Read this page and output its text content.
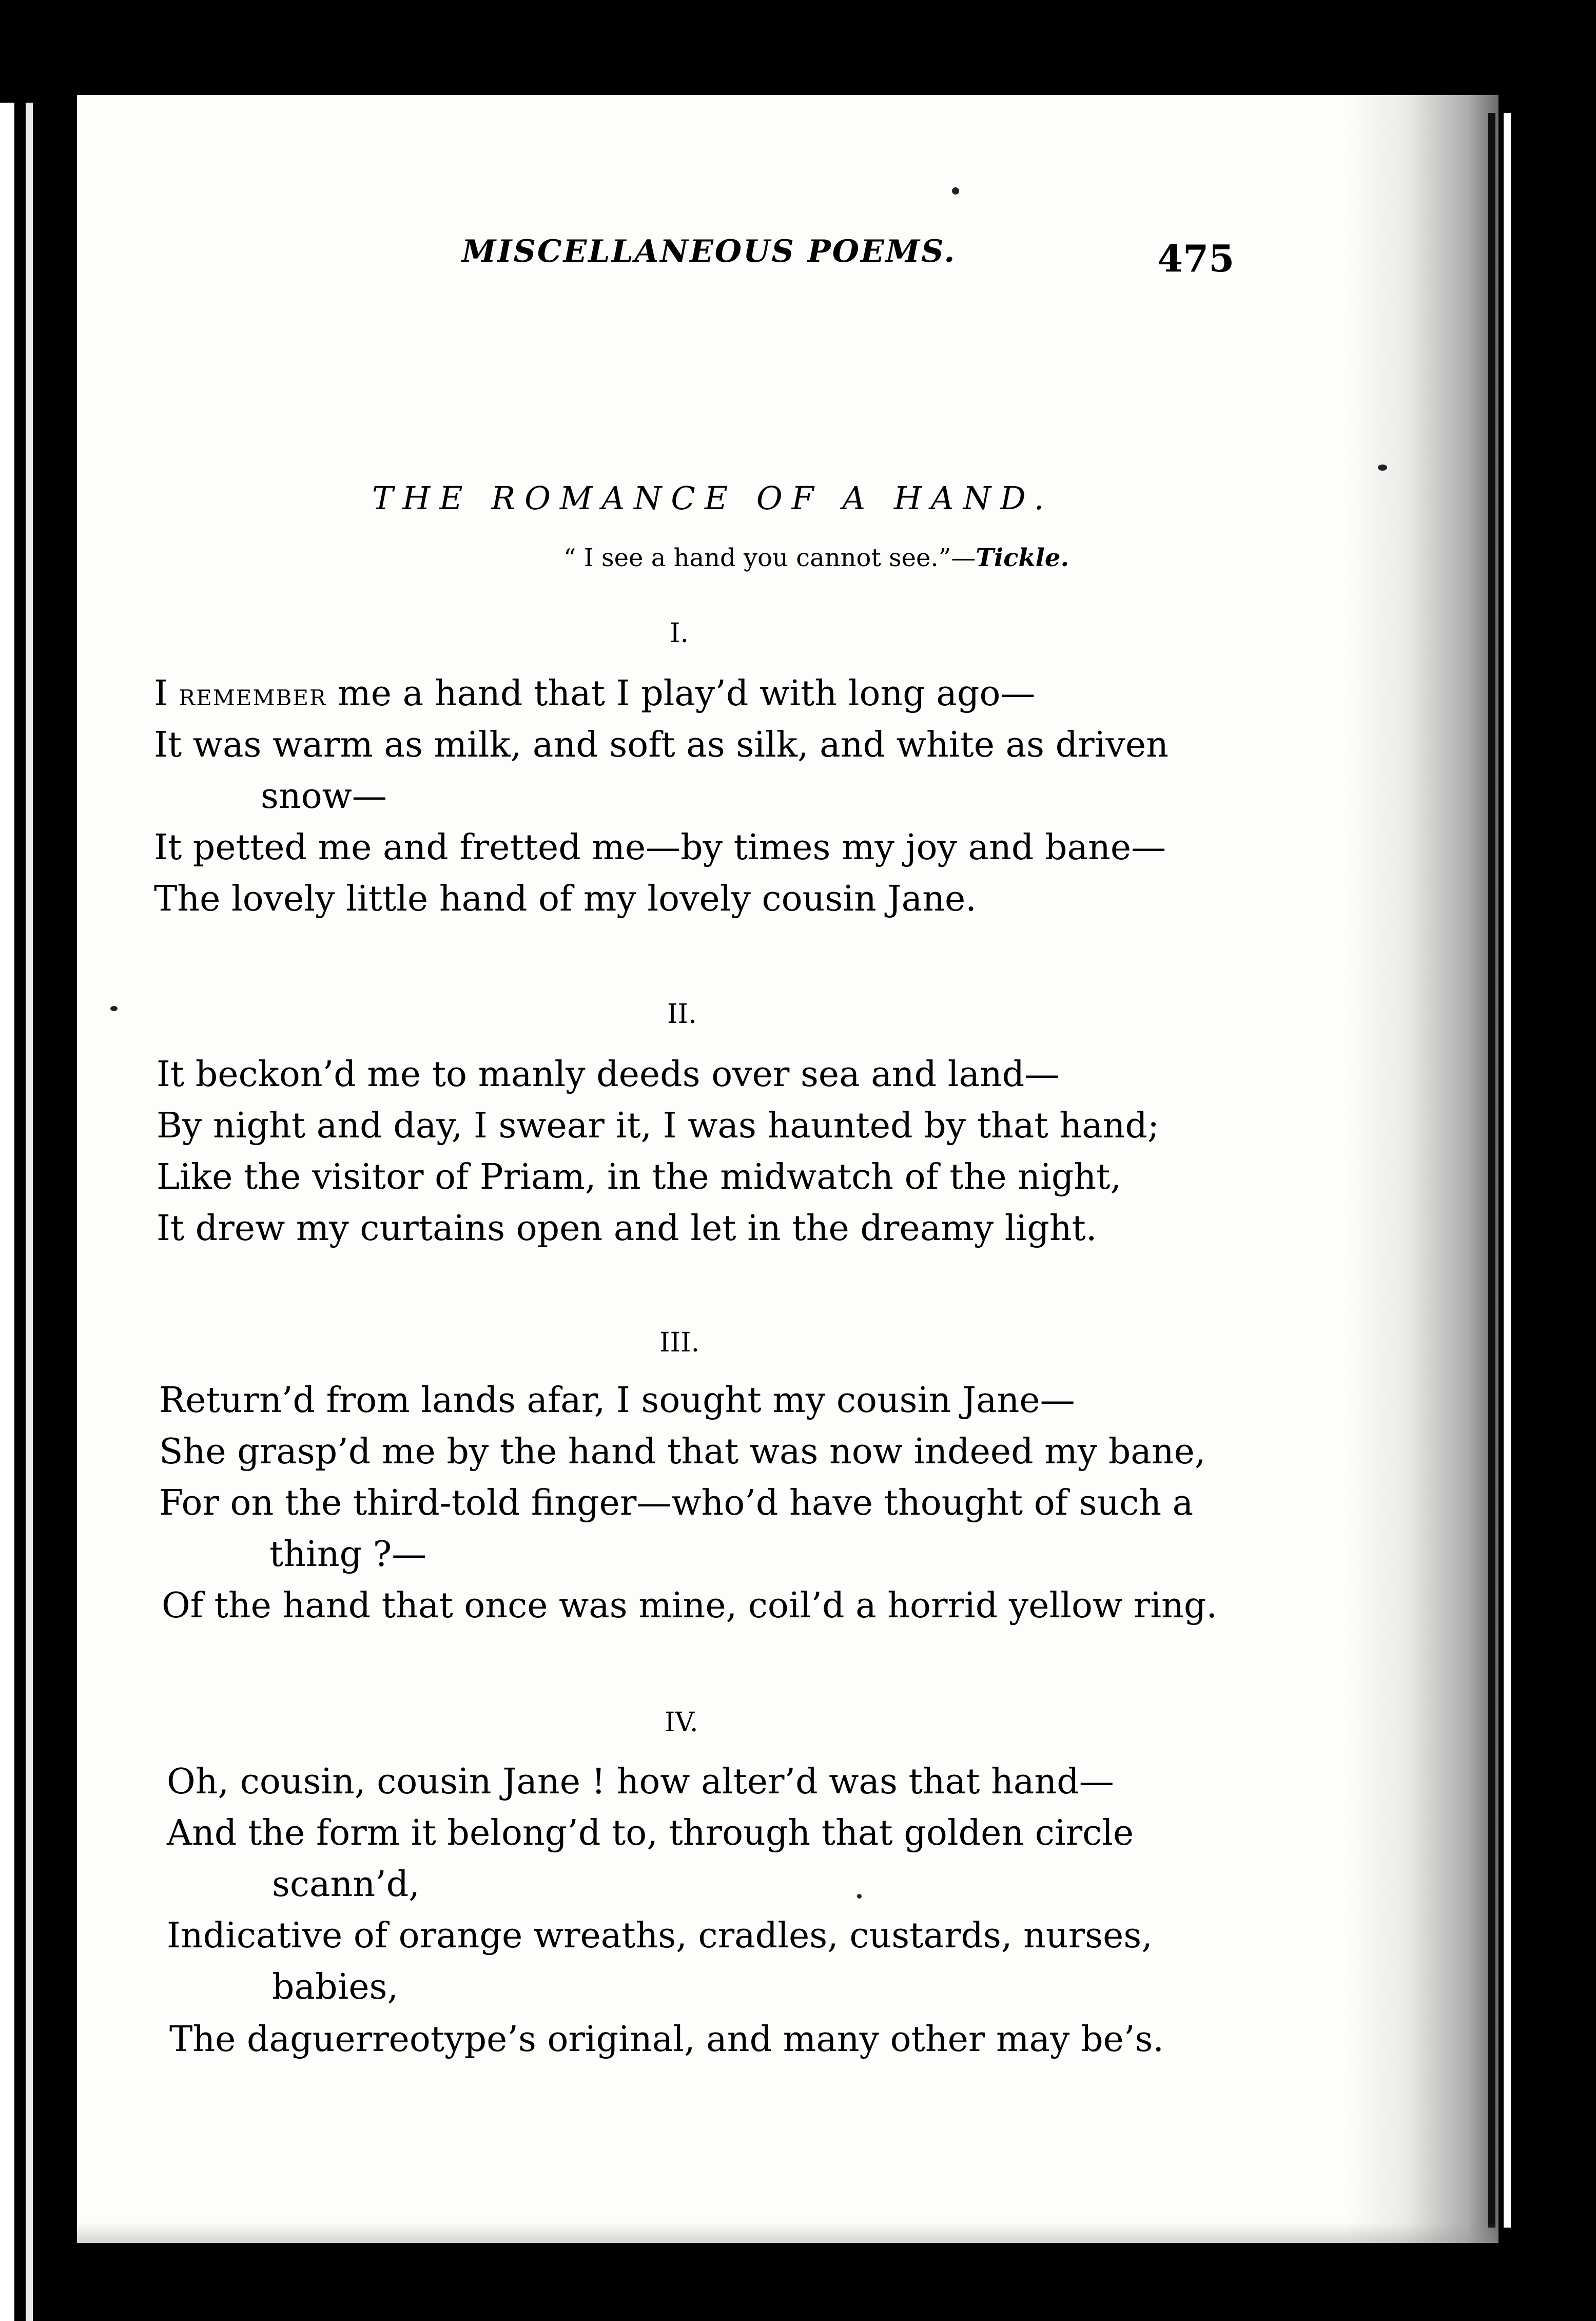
MISCELLANEOUS POEMS.	475
THE ROMANCE OF A HAND.
“ I see a hand you cannot see.”—Tickle.
I.
I remember me a hand that I play’d with long ago—
It was warm as milk, and soft as silk, and white as driven
snow—
It petted me and fretted me—by times my joy and bane—
The lovely little hand of my lovely cousin Jane.
II.
It beckon’d me to manly deeds over sea and land—
By night and day, I swear it, I was haunted by that hand;
Like the visitor of Priam, in the midwatch of the night,
It drew my curtains open and let in the dreamy light.
III.
Return’d from lands afar, I sought my cousin Jane—
She grasp’d me by the hand that was now indeed my bane,
For on the third-told finger—who’d have thought of such a
thing ?—
Of the hand that once was mine, coil’d a horrid yellow ring.
IV.
Oh, cousin, cousin Jane ! how alter’d was that hand—
And the form it belong’d to, through that golden circle
scann’d,
Indicative of orange wreaths, cradles, custards, nurses,
babies,
The daguerreotype’s original, and many other may be’s.
